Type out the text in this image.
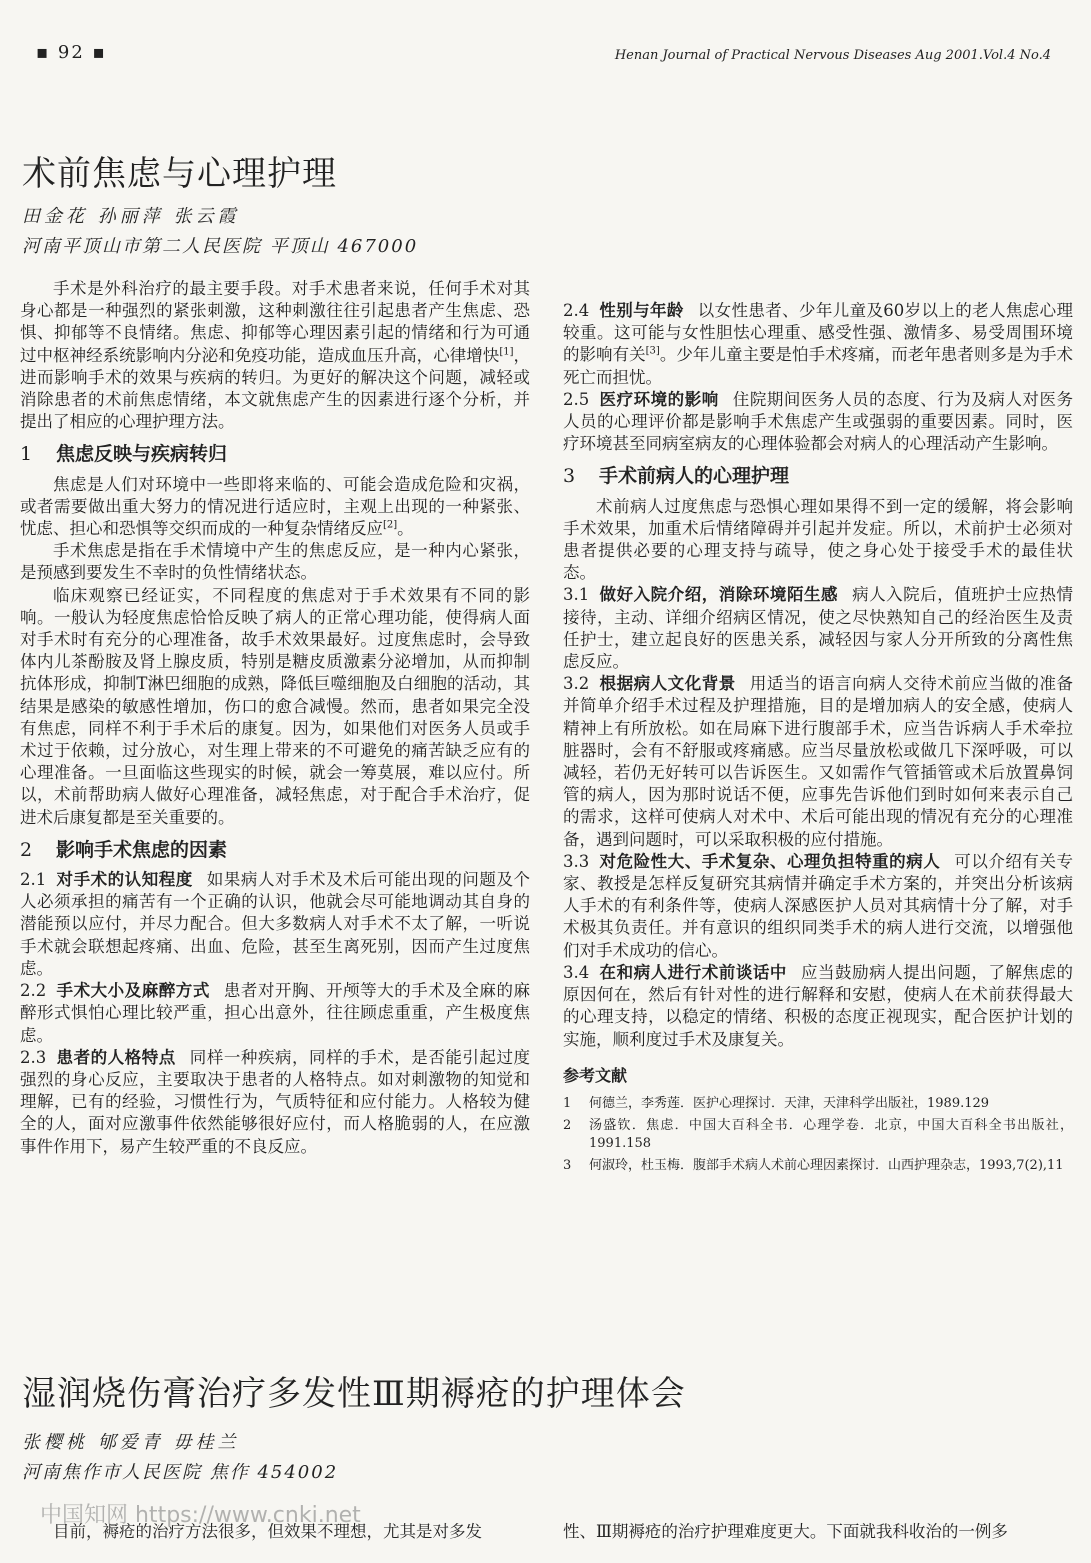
▪ 92 ▪	Henan Journal of Practical Nervous Diseases Aug 2001.Vol.4 No.4
术前焦虑与心理护理
田金花 孙丽萍 张云霞
河南平顶山市第二人民医院 平顶山 467000

手术是外科治疗的最主要手段。对手术患者来说，任何手术对其身心都是一种强烈的紧张刺激，这种刺激往往引起患者产生焦虑、恐惧、抑郁等不良情绪。焦虑、抑郁等心理因素引起的情绪和行为可通过中枢神经系统影响内分泌和免疫功能，造成血压升高，心律增快[1]，进而影响手术的效果与疾病的转归。为更好的解决这个问题，减轻或消除患者的术前焦虑情绪，本文就焦虑产生的因素进行逐个分析，并提出了相应的心理护理方法。

1 焦虑反映与疾病转归

焦虑是人们对环境中一些即将来临的、可能会造成危险和灾祸，或者需要做出重大努力的情况进行适应时，主观上出现的一种紧张、忧虑、担心和恐惧等交织而成的一种复杂情绪反应[2]。

手术焦虑是指在手术情境中产生的焦虑反应，是一种内心紧张，是预感到要发生不幸时的负性情绪状态。

临床观察已经证实，不同程度的焦虑对于手术效果有不同的影响。一般认为轻度焦虑恰恰反映了病人的正常心理功能，使得病人面对手术时有充分的心理准备，故手术效果最好。过度焦虑时，会导致体内儿茶酚胺及肾上腺皮质，特别是糖皮质激素分泌增加，从而抑制抗体形成，抑制T淋巴细胞的成熟，降低巨噬细胞及白细胞的活动，其结果是感染的敏感性增加，伤口的愈合减慢。然而，患者如果完全没有焦虑，同样不利于手术后的康复。因为，如果他们对医务人员或手术过于依赖，过分放心，对生理上带来的不可避免的痛苦缺乏应有的心理准备。一旦面临这些现实的时候，就会一筹莫展，难以应付。所以，术前帮助病人做好心理准备，减轻焦虑，对于配合手术治疗，促进术后康复都是至关重要的。

2 影响手术焦虑的因素

2.1 对手术的认知程度 如果病人对手术及术后可能出现的问题及个人必须承担的痛苦有一个正确的认识，他就会尽可能地调动其自身的潜能预以应付，并尽力配合。但大多数病人对手术不太了解，一听说手术就会联想起疼痛、出血、危险，甚至生离死别，因而产生过度焦虑。

2.2 手术大小及麻醉方式 患者对开胸、开颅等大的手术及全麻的麻醉形式惧怕心理比较严重，担心出意外，往往顾虑重重，产生极度焦虑。

2.3 患者的人格特点 同样一种疾病，同样的手术，是否能引起过度强烈的身心反应，主要取决于患者的人格特点。如对刺激物的知觉和理解，已有的经验，习惯性行为，气质特征和应付能力。人格较为健全的人，面对应激事件依然能够很好应付，而人格脆弱的人，在应激事件作用下，易产生较严重的不良反应。

2.4 性别与年龄 以女性患者、少年儿童及60岁以上的老人焦虑心理较重。这可能与女性胆怯心理重、感受性强、激情多、易受周围环境的影响有关[3]。少年儿童主要是怕手术疼痛，而老年患者则多是为手术死亡而担忧。

2.5 医疗环境的影响 住院期间医务人员的态度、行为及病人对医务人员的心理评价都是影响手术焦虑产生或强弱的重要因素。同时，医疗环境甚至同病室病友的心理体验都会对病人的心理活动产生影响。

3 手术前病人的心理护理

术前病人过度焦虑与恐惧心理如果得不到一定的缓解，将会影响手术效果，加重术后情绪障碍并引起并发症。所以，术前护士必须对患者提供必要的心理支持与疏导，使之身心处于接受手术的最佳状态。

3.1 做好入院介绍，消除环境陌生感 病人入院后，值班护士应热情接待，主动、详细介绍病区情况，使之尽快熟知自己的经治医生及责任护士，建立起良好的医患关系，减轻因与家人分开所致的分离性焦虑反应。

3.2 根据病人文化背景 用适当的语言向病人交待术前应当做的准备并简单介绍手术过程及护理措施，目的是增加病人的安全感，使病人精神上有所放松。如在局麻下进行腹部手术，应当告诉病人手术牵拉脏器时，会有不舒服或疼痛感。应当尽量放松或做几下深呼吸，可以减轻，若仍无好转可以告诉医生。又如需作气管插管或术后放置鼻饲管的病人，因为那时说话不便，应事先告诉他们到时如何来表示自己的需求，这样可使病人对术中、术后可能出现的情况有充分的心理准备，遇到问题时，可以采取积极的应付措施。

3.3 对危险性大、手术复杂、心理负担特重的病人 可以介绍有关专家、教授是怎样反复研究其病情并确定手术方案的，并突出分析该病人手术的有利条件等，使病人深感医护人员对其病情十分了解，对手术极其负责任。并有意识的组织同类手术的病人进行交流，以增强他们对手术成功的信心。

3.4 在和病人进行术前谈话中 应当鼓励病人提出问题，了解焦虑的原因何在，然后有针对性的进行解释和安慰，使病人在术前获得最大的心理支持，以稳定的情绪、积极的态度正视现实，配合医护计划的实施，顺利度过手术及康复关。

参考文献
1	何德兰，李秀莲．医护心理探讨．天津，天津科学出版社，1989.129
2	汤盛钦．焦虑．中国大百科全书．心理学卷．北京，中国大百科全书出版社，1991.158
3	何淑玲，杜玉梅．腹部手术病人术前心理因素探讨．山西护理杂志，1993,7(2),11
湿润烧伤膏治疗多发性Ⅲ期褥疮的护理体会
张樱桃 郇爱青 毋桂兰
河南焦作市人民医院 焦作 454002
目前，褥疮的治疗方法很多，但效果不理想，尤其是对多发	性、Ⅲ期褥疮的治疗护理难度更大。下面就我科收治的一例多
中国知网 https://www.cnki.net
